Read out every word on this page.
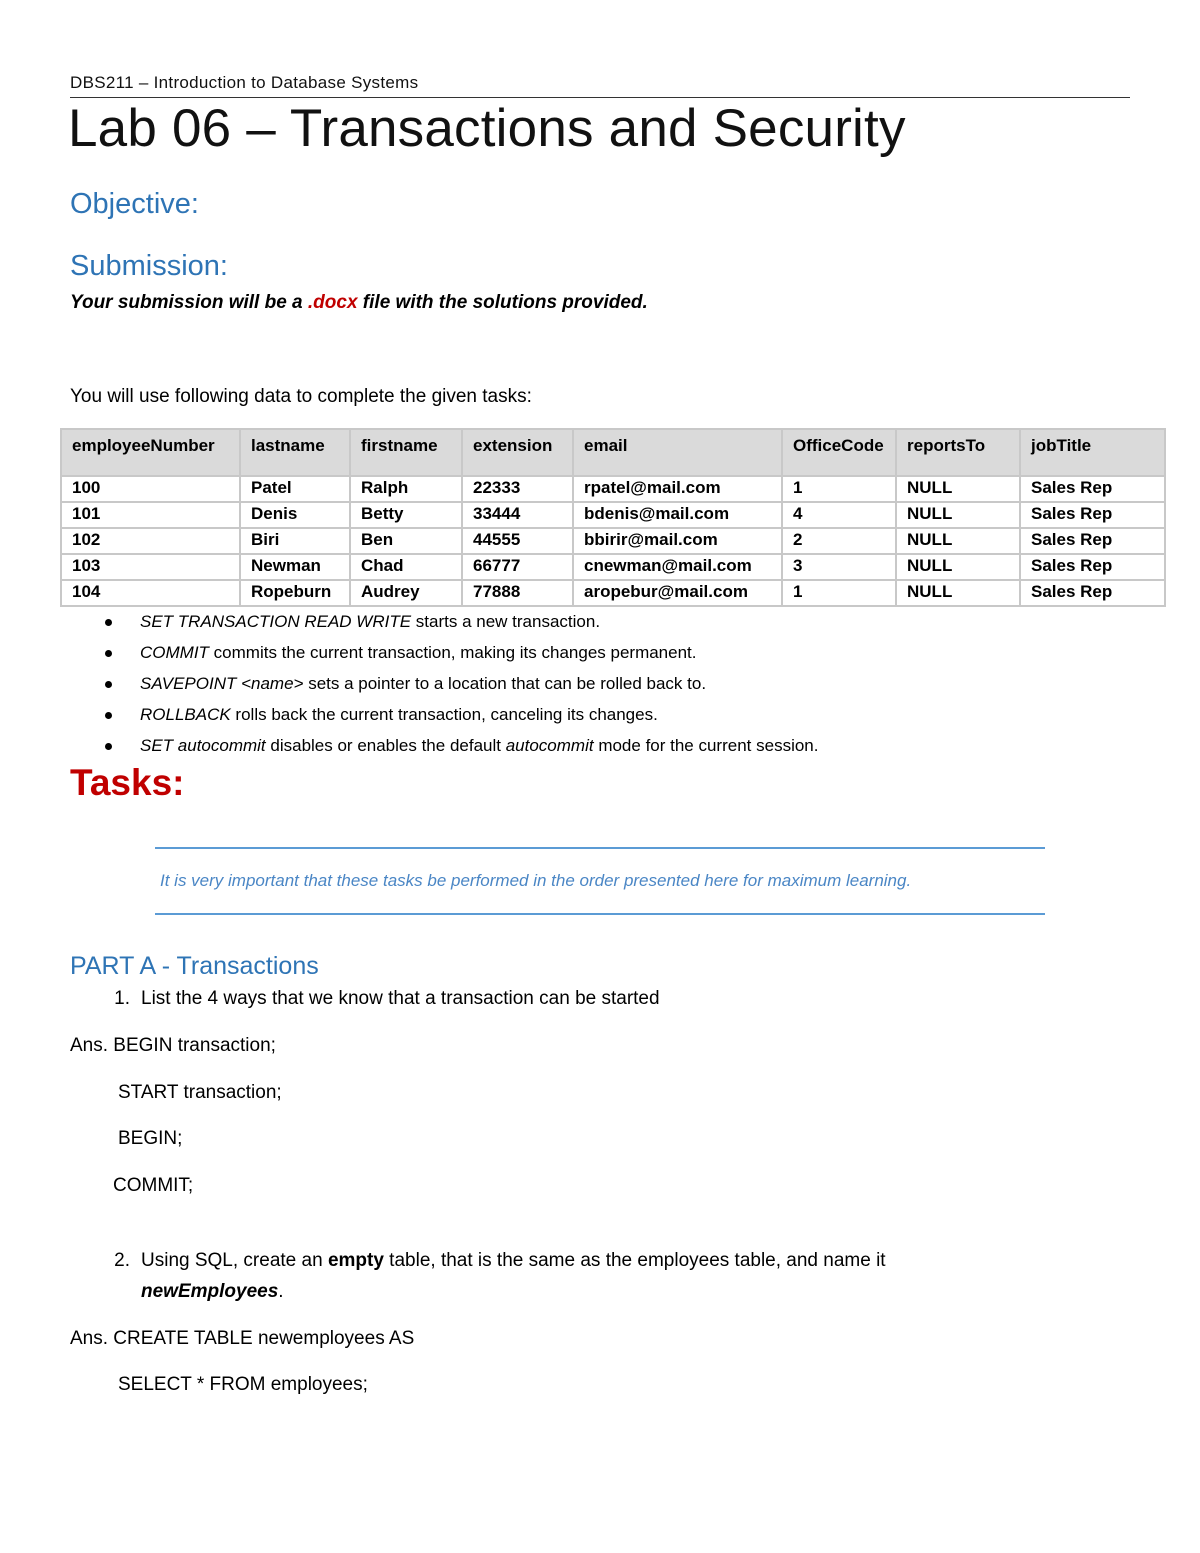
DBS211 – Introduction to Database Systems
Lab 06 – Transactions and Security
Objective:
Submission:
Your submission will be a .docx file with the solutions provided.
You will use following data to complete the given tasks:
employeeNumber	lastname	firstname	extension	email	OfficeCode	reportsTo	jobTitle
100	Patel	Ralph	22333	rpatel@mail.com	1	NULL	Sales Rep
101	Denis	Betty	33444	bdenis@mail.com	4	NULL	Sales Rep
102	Biri	Ben	44555	bbirir@mail.com	2	NULL	Sales Rep
103	Newman	Chad	66777	cnewman@mail.com	3	NULL	Sales Rep
104	Ropeburn	Audrey	77888	aropebur@mail.com	1	NULL	Sales Rep
SET TRANSACTION READ WRITE starts a new transaction.
COMMIT commits the current transaction, making its changes permanent.
SAVEPOINT <name> sets a pointer to a location that can be rolled back to.
ROLLBACK rolls back the current transaction, canceling its changes.
SET autocommit disables or enables the default autocommit mode for the current session.
Tasks:
It is very important that these tasks be performed in the order presented here for maximum learning.
PART A - Transactions
1. List the 4 ways that we know that a transaction can be started
Ans. BEGIN transaction;
START transaction;
BEGIN;
COMMIT;
2. Using SQL, create an empty table, that is the same as the employees table, and name it
newEmployees.
Ans. CREATE TABLE newemployees AS
SELECT * FROM employees;
